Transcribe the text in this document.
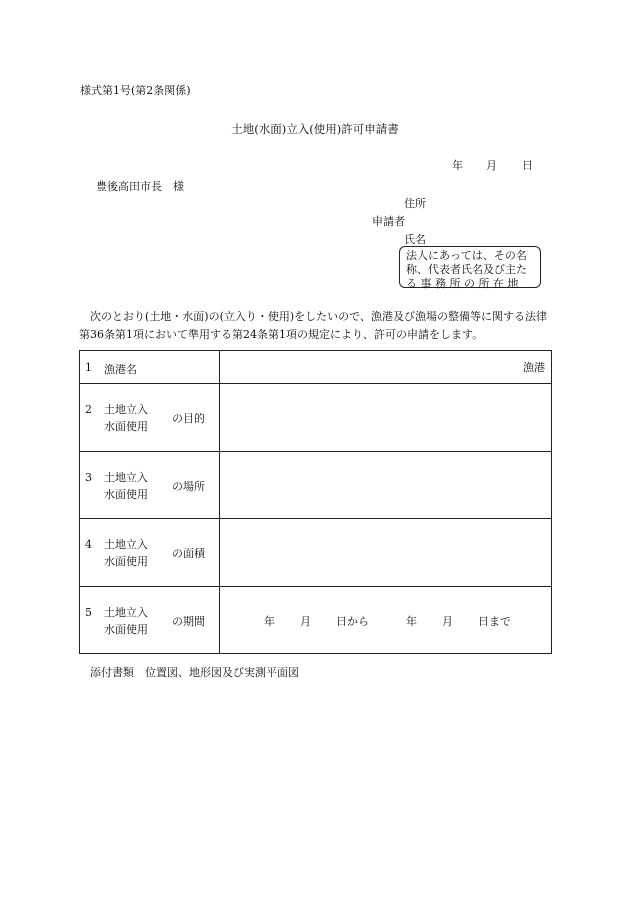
様式第1号(第2条関係)
土地(水面)立入(使用)許可申請書
年 月 日
豊後高田市長　様
住所
申請者
氏名
法人にあっては、その名
称、代表者氏名及び主た
る 事 務 所 の 所 在 地
次のとおり(土地・水面)の(立入り・使用)をしたいので、漁港及び漁場の整備等に関する法律第36条第1項において準用する第24条第1項の規定により、許可の申請をします。
1 漁港名	漁港

2 土地立入
水面使用
の目的	

3 土地立入
水面使用
の場所	

4 土地立入
水面使用
の面積	

5 土地立入
水面使用
の期間	年 月 日から 年 月 日まで
添付書類　位置図、地形図及び実測平面図
